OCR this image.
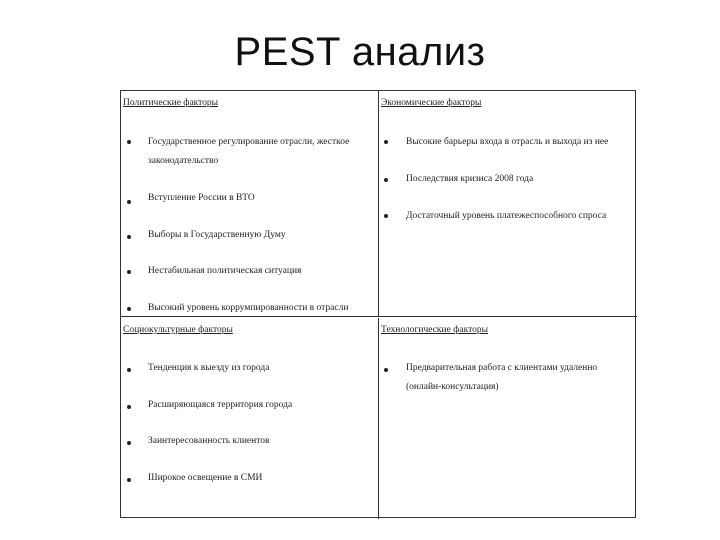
PEST анализ
Политические факторы
Государственное регулирование отрасли, жесткое
законодательство
Вступление России в ВТО
Выборы в Государственную Думу
Нестабильная политическая ситуация
Высокий уровень коррумпированности в отрасли
Экономические факторы
Высокие барьеры входа в отрасль и выхода из нее
Последствия кризиса 2008 года
Достаточный уровень платежеспособного спроса
Социокультурные факторы
Тенденция к выезду из города
Расширяющаяся территория города
Заинтересованность клиентов
Широкое освещение в СМИ
Технологические факторы
Предварительная работа с клиентами удаленно
(онлайн-консультация)
